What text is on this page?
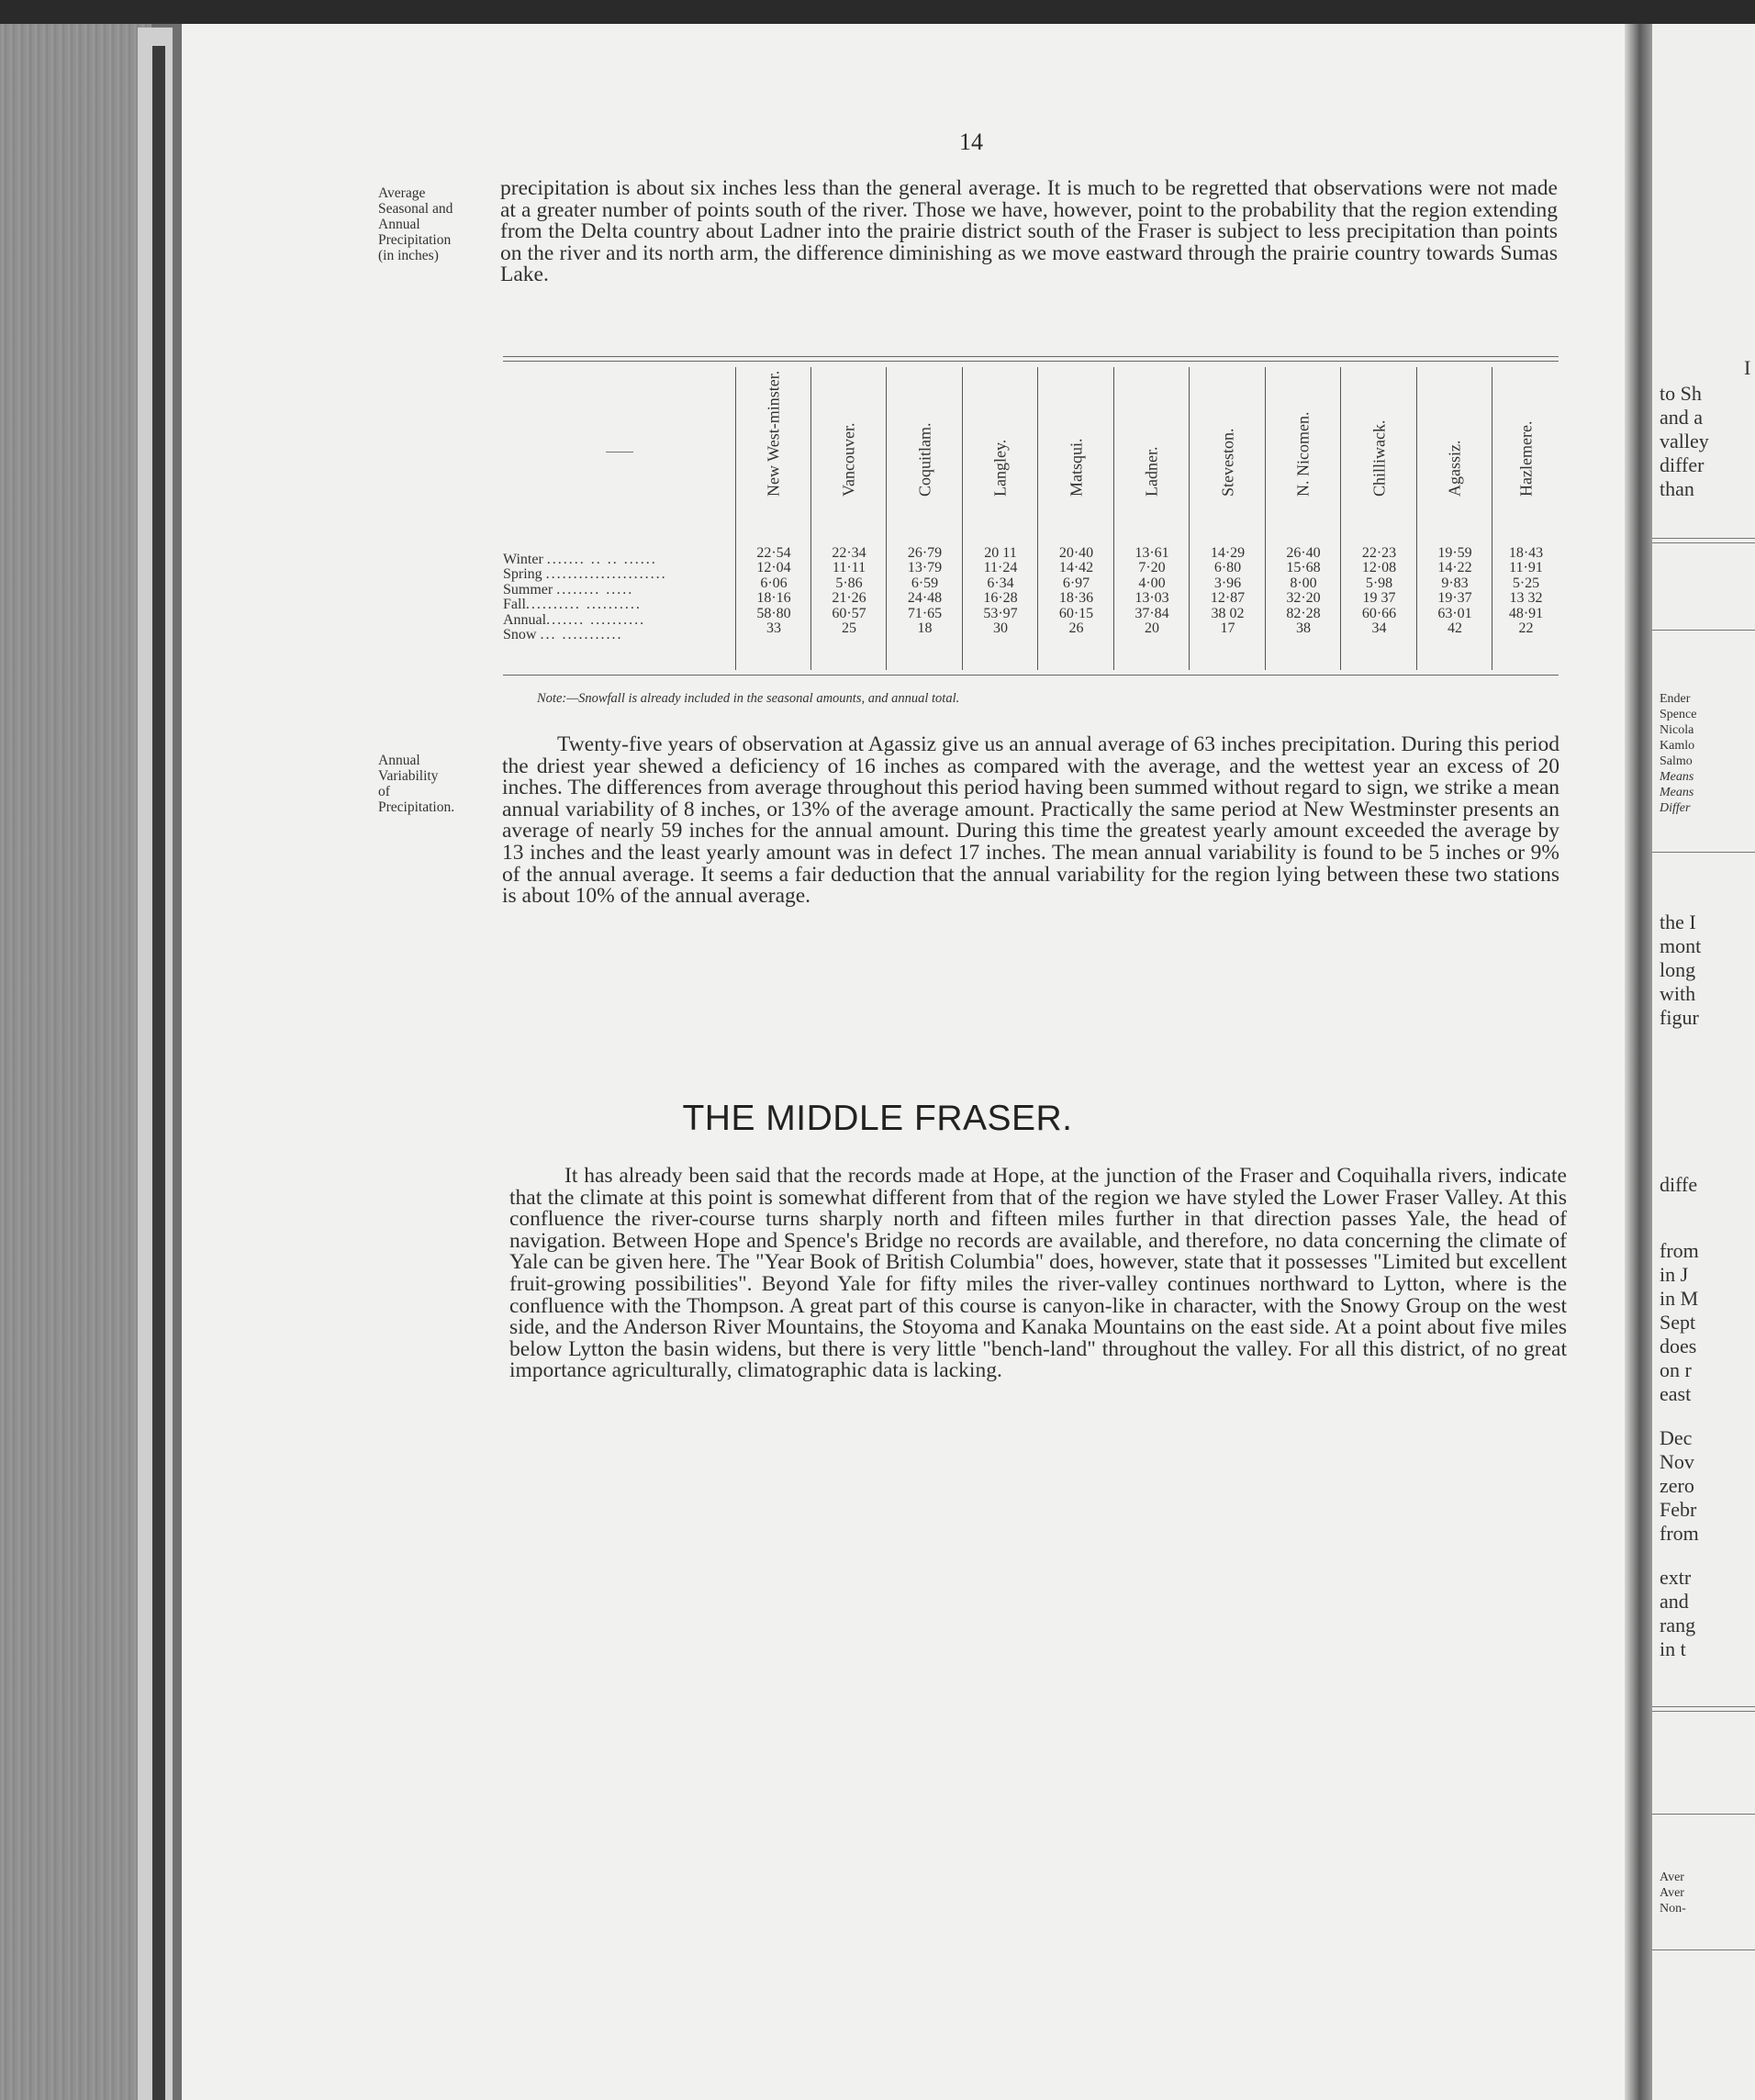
14
Average
Seasonal and
Annual
Precipitation
(in inches)

precipitation is about six inches less than the general average. It is much to be regretted that observations were not made at a greater number of points south of the river. Those we have, however, point to the probability that the region extending from the Delta country about Ladner into the prairie district south of the Fraser is subject to less precipitation than points on the river and its north arm, the difference diminishing as we move eastward through the prairie country towards Sumas Lake.

Winter ....... .. .. ......
Spring ......................
Summer ........ .....
Fall.......... ..........
Annual....... ..........
Snow ... ...........
New West-minster.
22·54
12·04
6·06
18·16
58·80
33
Vancouver.
22·34
11·11
5·86
21·26
60·57
25
Coquitlam.
26·79
13·79
6·59
24·48
71·65
18
Langley.
20 11
11·24
6·34
16·28
53·97
30
Matsqui.
20·40
14·42
6·97
18·36
60·15
26
Ladner.
13·61
7·20
4·00
13·03
37·84
20
Steveston.
14·29
6·80
3·96
12·87
38 02
17
N. Nicomen.
26·40
15·68
8·00
32·20
82·28
38
Chilliwack.
22·23
12·08
5·98
19 37
60·66
34
Agassiz.
19·59
14·22
9·83
19·37
63·01
42
Hazlemere.
18·43
11·91
5·25
13 32
48·91
22
Note:—Snowfall is already included in the seasonal amounts, and annual total.
Annual
Variability
of
Precipitation.

Twenty-five years of observation at Agassiz give us an annual average of 63 inches precipitation. During this period the driest year shewed a deficiency of 16 inches as compared with the average, and the wettest year an excess of 20 inches. The differences from average throughout this period having been summed without regard to sign, we strike a mean annual variability of 8 inches, or 13% of the average amount. Practically the same period at New Westminster presents an average of nearly 59 inches for the annual amount. During this time the greatest yearly amount exceeded the average by 13 inches and the least yearly amount was in defect 17 inches. The mean annual variability is found to be 5 inches or 9% of the annual average. It seems a fair deduction that the annual variability for the region lying between these two stations is about 10% of the annual average.

THE MIDDLE FRASER.

It has already been said that the records made at Hope, at the junction of the Fraser and Coquihalla rivers, indicate that the climate at this point is somewhat different from that of the region we have styled the Lower Fraser Valley. At this confluence the river-course turns sharply north and fifteen miles further in that direction passes Yale, the head of navigation. Between Hope and Spence's Bridge no records are available, and therefore, no data concerning the climate of Yale can be given here. The "Year Book of British Columbia" does, however, state that it possesses "Limited but excellent fruit-growing possibilities". Beyond Yale for fifty miles the river-valley continues northward to Lytton, where is the confluence with the Thompson. A great part of this course is canyon-like in character, with the Snowy Group on the west side, and the Anderson River Mountains, the Stoyoma and Kanaka Mountains on the east side. At a point about five miles below Lytton the basin widens, but there is very little "bench-land" throughout the valley. For all this district, of no great importance agriculturally, climatographic data is lacking.

I
to Sh
and a
valley
differ
than
Ender
Spence
Nicola
Kamlo
Salmo
Means
Means
Differ
the I
mont
long
with
figur
diffe
from
in J
in M
Sept
does
on r
east
Dec
Nov
zero
Febr
from
extr
and
rang
in t
Aver
Aver
Non-
